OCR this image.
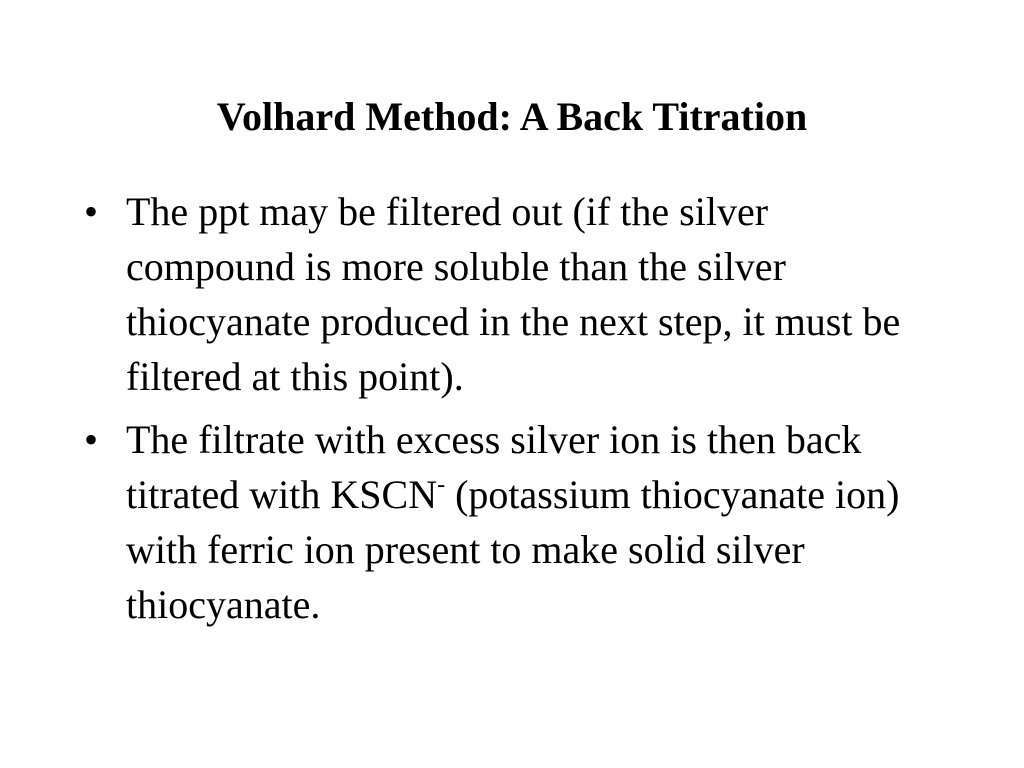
Volhard Method: A Back Titration
• The ppt may be filtered out (if the silver compound is more soluble than the silver thiocyanate produced in the next step, it must be filtered at this point).
• The filtrate with excess silver ion is then back titrated with KSCN- (potassium thiocyanate ion) with ferric ion present to make solid silver thiocyanate.
